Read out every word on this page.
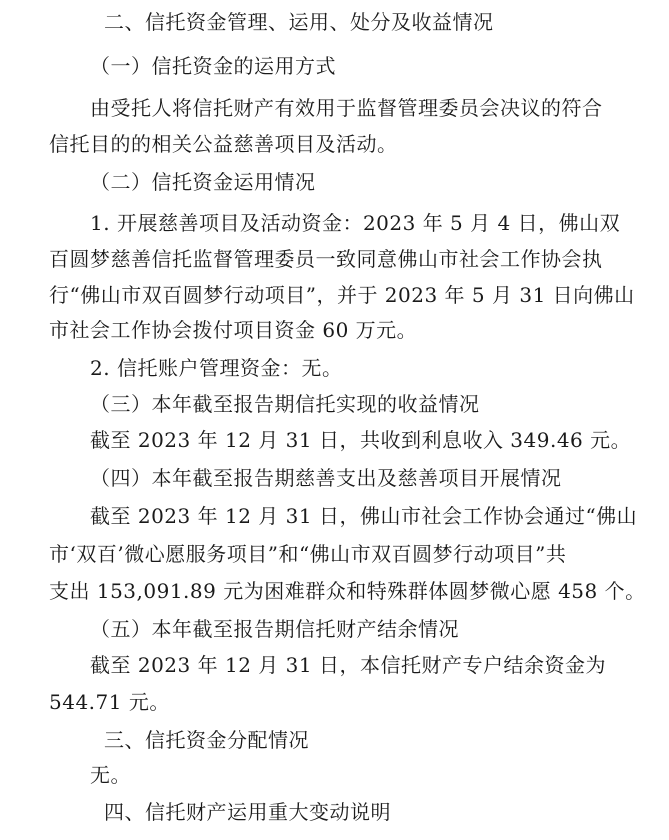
二、信托资金管理、运用、处分及收益情况
（一）信托资金的运用方式
由受托人将信托财产有效用于监督管理委员会决议的符合
信托目的的相关公益慈善项目及活动。
（二）信托资金运用情况
1. 开展慈善项目及活动资金：2023 年 5 月 4 日，佛山双
百圆梦慈善信托监督管理委员一致同意佛山市社会工作协会执
行“佛山市双百圆梦行动项目”，并于 2023 年 5 月 31 日向佛山
市社会工作协会拨付项目资金 60 万元。
2. 信托账户管理资金：无。
（三）本年截至报告期信托实现的收益情况
截至 2023 年 12 月 31 日，共收到利息收入 349.46 元。
（四）本年截至报告期慈善支出及慈善项目开展情况
截至 2023 年 12 月 31 日，佛山市社会工作协会通过“佛山
市‘双百’微心愿服务项目”和“佛山市双百圆梦行动项目”共
支出 153,091.89 元为困难群众和特殊群体圆梦微心愿 458 个。
（五）本年截至报告期信托财产结余情况
截至 2023 年 12 月 31 日，本信托财产专户结余资金为
544.71 元。
三、信托资金分配情况
无。
四、信托财产运用重大变动说明
